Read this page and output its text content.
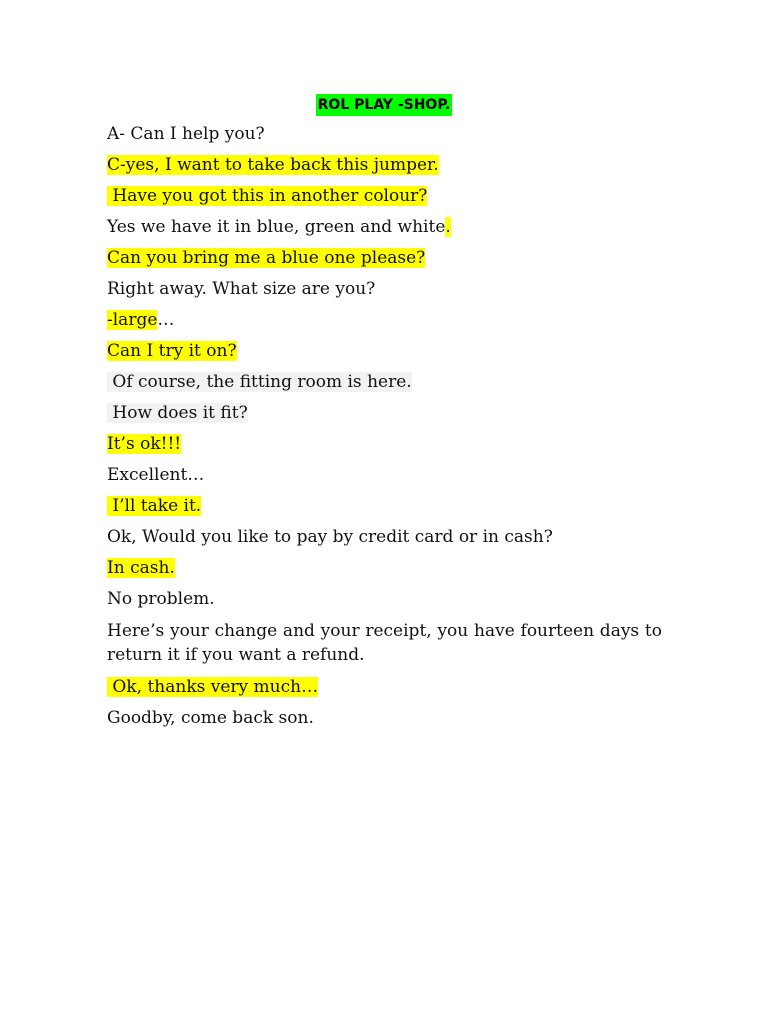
ROL PLAY -SHOP.
A- Can I help you?
C-yes, I want to take back this jumper.
Have you got this in another colour?
Yes we have it in blue, green and white.
Can you bring me a blue one please?
Right away. What size are you?
-large…
Can I try it on?
Of course, the fitting room is here.
How does it fit?
It’s ok!!!
Excellent…
I’ll take it.
Ok, Would you like to pay by credit card or in cash?
In cash.
No problem.
Here’s your change and your receipt, you have fourteen days to return it if you want a refund.
Ok, thanks very much…
Goodby, come back son.
